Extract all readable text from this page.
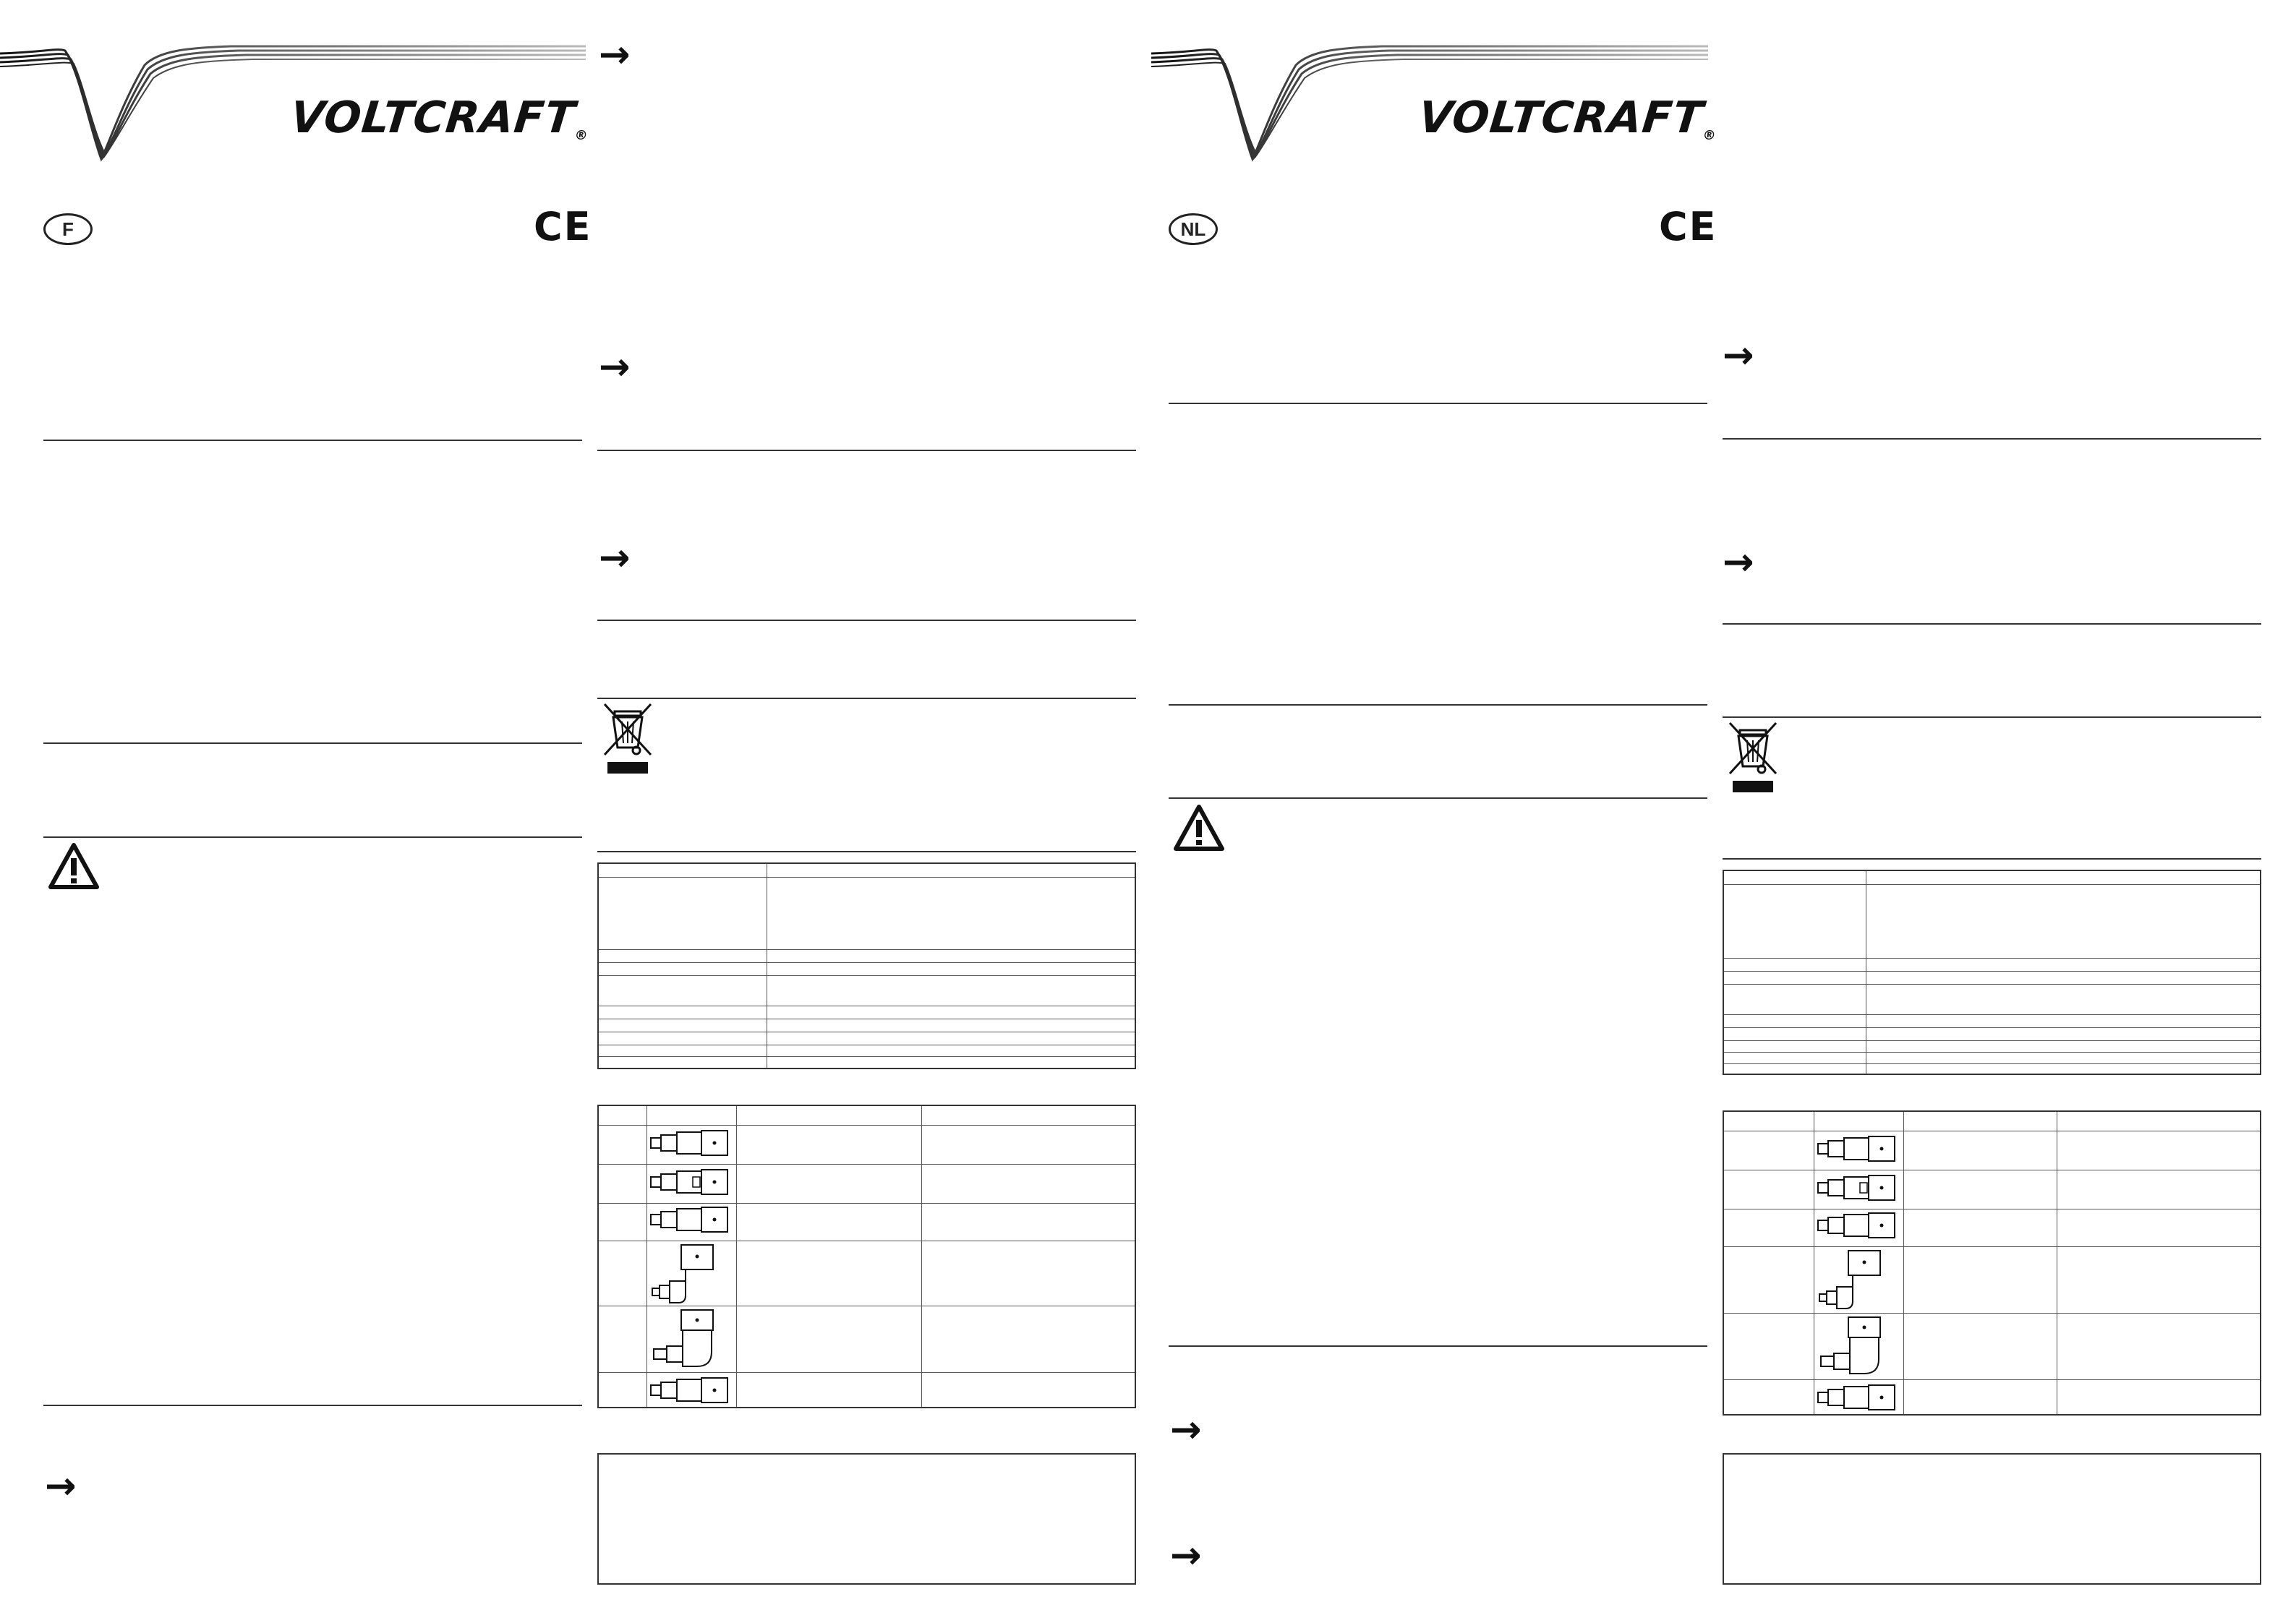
VOLTCRAFT®
F	CE
→
→
→
→
VOLTCRAFT®
NL	CE
→
→
→
→
